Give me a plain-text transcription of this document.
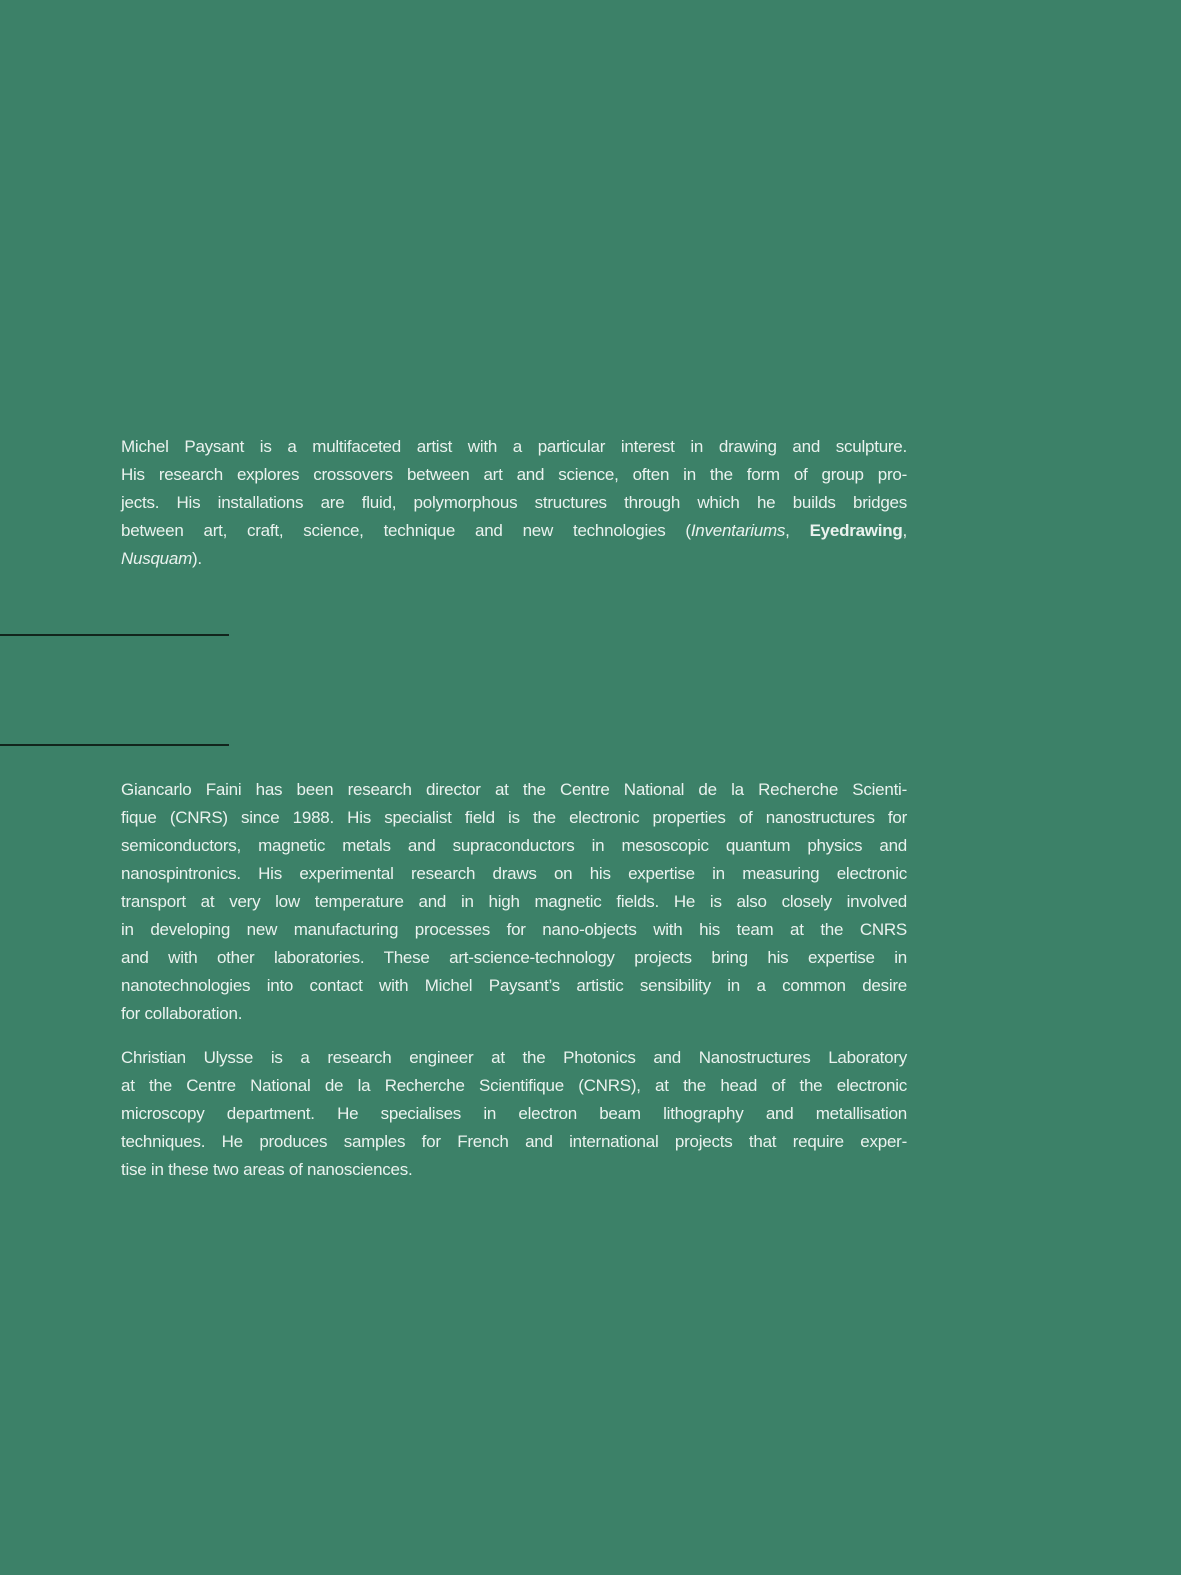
Michel Paysant is a multifaceted artist with a particular interest in drawing and sculpture.
His research explores crossovers between art and science, often in the form of group pro-
jects. His installations are fluid, polymorphous structures through which he builds bridges
between art, craft, science, technique and new technologies (Inventariums, Eyedrawing,
Nusquam).
Giancarlo Faini has been research director at the Centre National de la Recherche Scienti-
fique (CNRS) since 1988. His specialist field is the electronic properties of nanostructures for
semiconductors, magnetic metals and supraconductors in mesoscopic quantum physics and
nanospintronics. His experimental research draws on his expertise in measuring electronic
transport at very low temperature and in high magnetic fields. He is also closely involved
in developing new manufacturing processes for nano-objects with his team at the CNRS
and with other laboratories. These art-science-technology projects bring his expertise in
nanotechnologies into contact with Michel Paysant’s artistic sensibility in a common desire
for collaboration.
Christian Ulysse is a research engineer at the Photonics and Nanostructures Laboratory
at the Centre National de la Recherche Scientifique (CNRS), at the head of the electronic
microscopy department. He specialises in electron beam lithography and metallisation
techniques. He produces samples for French and international projects that require exper-
tise in these two areas of nanosciences.
